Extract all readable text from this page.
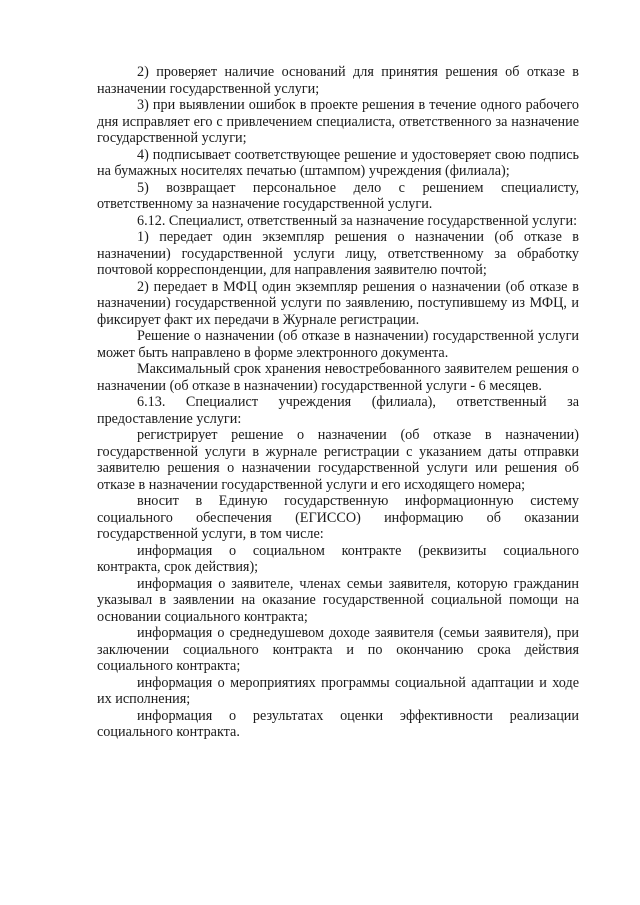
2) проверяет наличие оснований для принятия решения об отказе в назначении государственной услуги;

3) при выявлении ошибок в проекте решения в течение одного рабочего дня исправляет его с привлечением специалиста, ответственного за назначение государственной услуги;

4) подписывает соответствующее решение и удостоверяет свою подпись на бумажных носителях печатью (штампом) учреждения (филиала);

5) возвращает персональное дело с решением специалисту, ответственному за назначение государственной услуги.

6.12. Специалист, ответственный за назначение государственной услуги:

1) передает один экземпляр решения о назначении (об отказе в назначении) государственной услуги лицу, ответственному за обработку почтовой корреспонденции, для направления заявителю почтой;

2) передает в МФЦ один экземпляр решения о назначении (об отказе в назначении) государственной услуги по заявлению, поступившему из МФЦ, и фиксирует факт их передачи в Журнале регистрации.

Решение о назначении (об отказе в назначении) государственной услуги может быть направлено в форме электронного документа.

Максимальный срок хранения невостребованного заявителем решения о назначении (об отказе в назначении) государственной услуги - 6 месяцев.

6.13. Специалист учреждения (филиала), ответственный за предоставление услуги:

регистрирует решение о назначении (об отказе в назначении) государственной услуги в журнале регистрации с указанием даты отправки заявителю решения о назначении государственной услуги или решения об отказе в назначении государственной услуги и его исходящего номера;

вносит в Единую государственную информационную систему социального обеспечения (ЕГИССО) информацию об оказании государственной услуги, в том числе:

информация о социальном контракте (реквизиты социального контракта, срок действия);

информация о заявителе, членах семьи заявителя, которую гражданин указывал в заявлении на оказание государственной социальной помощи на основании социального контракта;

информация о среднедушевом доходе заявителя (семьи заявителя), при заключении социального контракта и по окончанию срока действия социального контракта;

информация о мероприятиях программы социальной адаптации и ходе их исполнения;

информация о результатах оценки эффективности реализации социального контракта.
